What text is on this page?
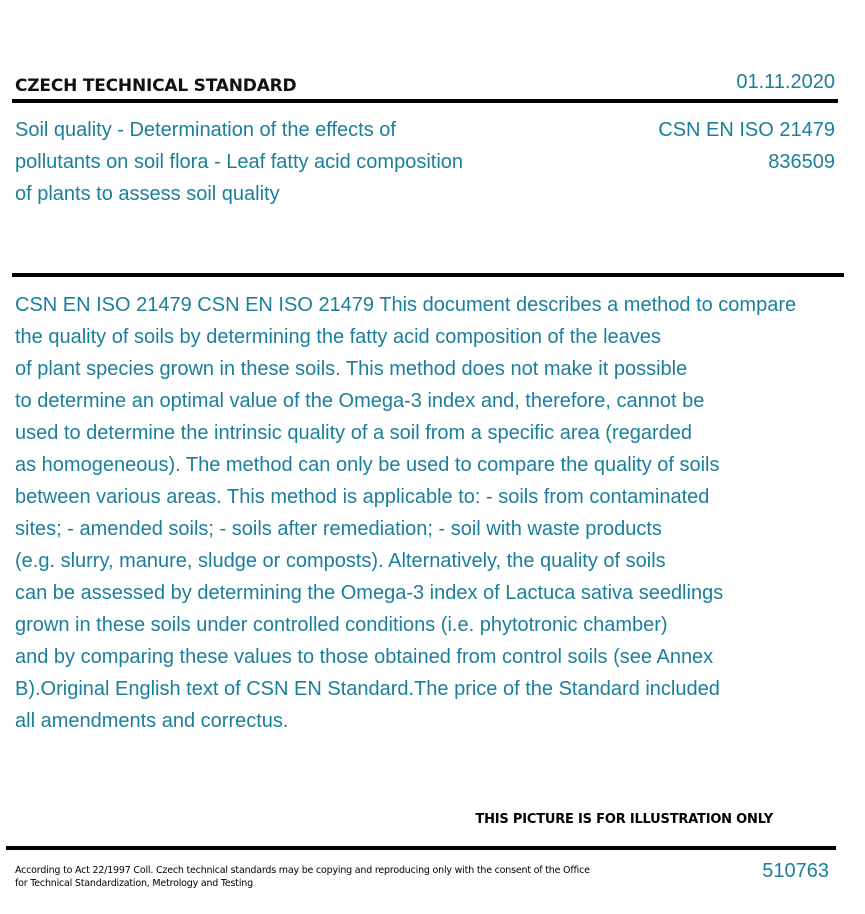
CZECH TECHNICAL STANDARD	01.11.2020
Soil quality - Determination of the effects of
pollutants on soil flora - Leaf fatty acid composition
of plants to assess soil quality
CSN EN ISO 21479
836509
CSN EN ISO 21479 CSN EN ISO 21479 This document describes a method to compare
the quality of soils by determining the fatty acid composition of the leaves
of plant species grown in these soils. This method does not make it possible
to determine an optimal value of the Omega-3 index and, therefore, cannot be
used to determine the intrinsic quality of a soil from a specific area (regarded
as homogeneous). The method can only be used to compare the quality of soils
between various areas. This method is applicable to: - soils from contaminated
sites; - amended soils; - soils after remediation; - soil with waste products
(e.g. slurry, manure, sludge or composts). Alternatively, the quality of soils
can be assessed by determining the Omega-3 index of Lactuca sativa seedlings
grown in these soils under controlled conditions (i.e. phytotronic chamber)
and by comparing these values to those obtained from control soils (see Annex
B).Original English text of CSN EN Standard.The price of the Standard included
all amendments and correctus.
THIS PICTURE IS FOR ILLUSTRATION ONLY
According to Act 22/1997 Coll. Czech technical standards may be copying and reproducing only with the consent of the Office
for Technical Standardization, Metrology and Testing
510763
